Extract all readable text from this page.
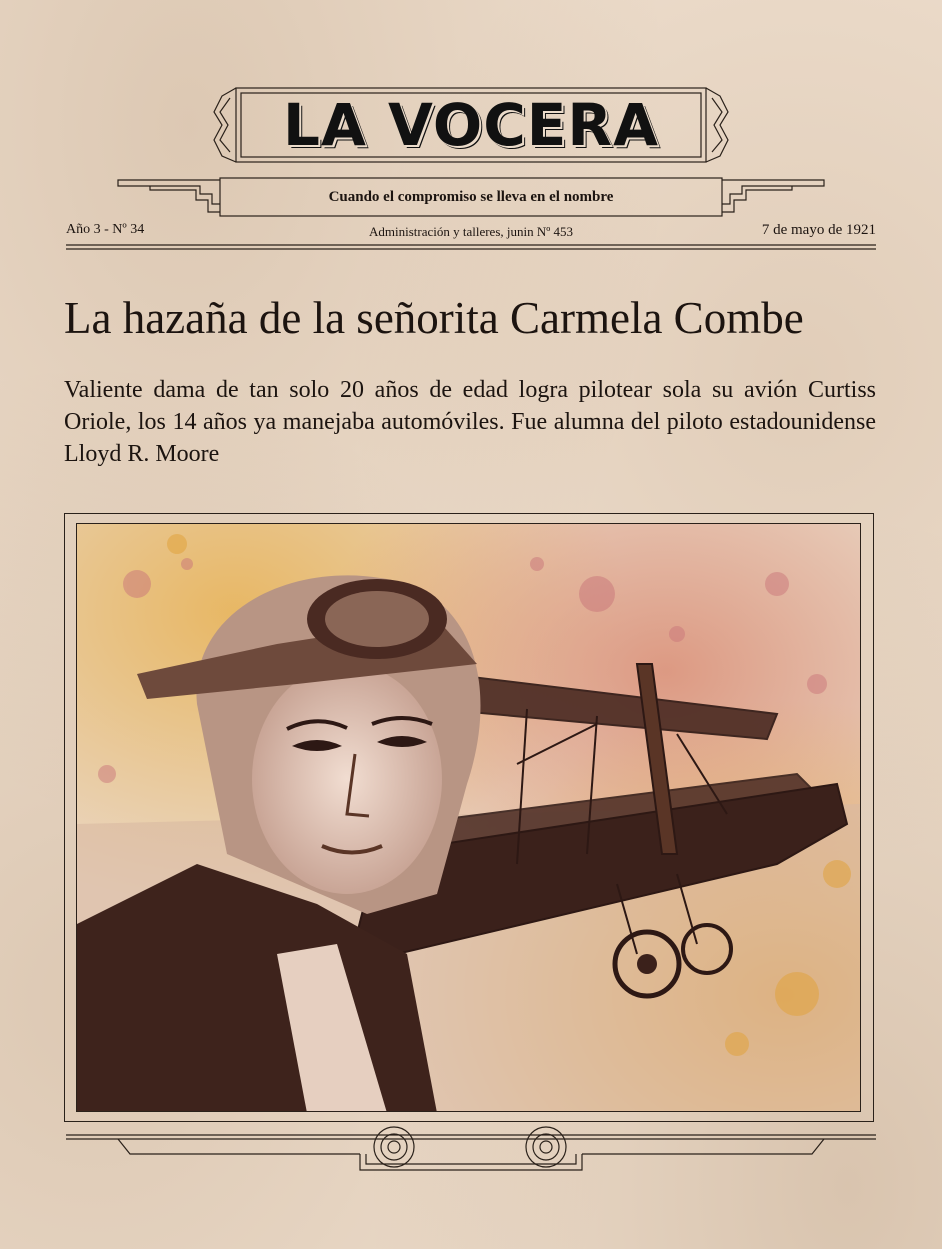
LA VOCERA
Cuando el compromiso se lleva en el nombre
Año 3 - Nº 34	Administración y talleres, junin Nº 453	7 de mayo de 1921
La hazaña de la señorita Carmela Combe
Valiente dama de tan solo 20 años de edad logra pilotear sola su avión Curtiss Oriole, los 14 años ya manejaba automóviles. Fue alumna del piloto estadounidense Lloyd R. Moore
